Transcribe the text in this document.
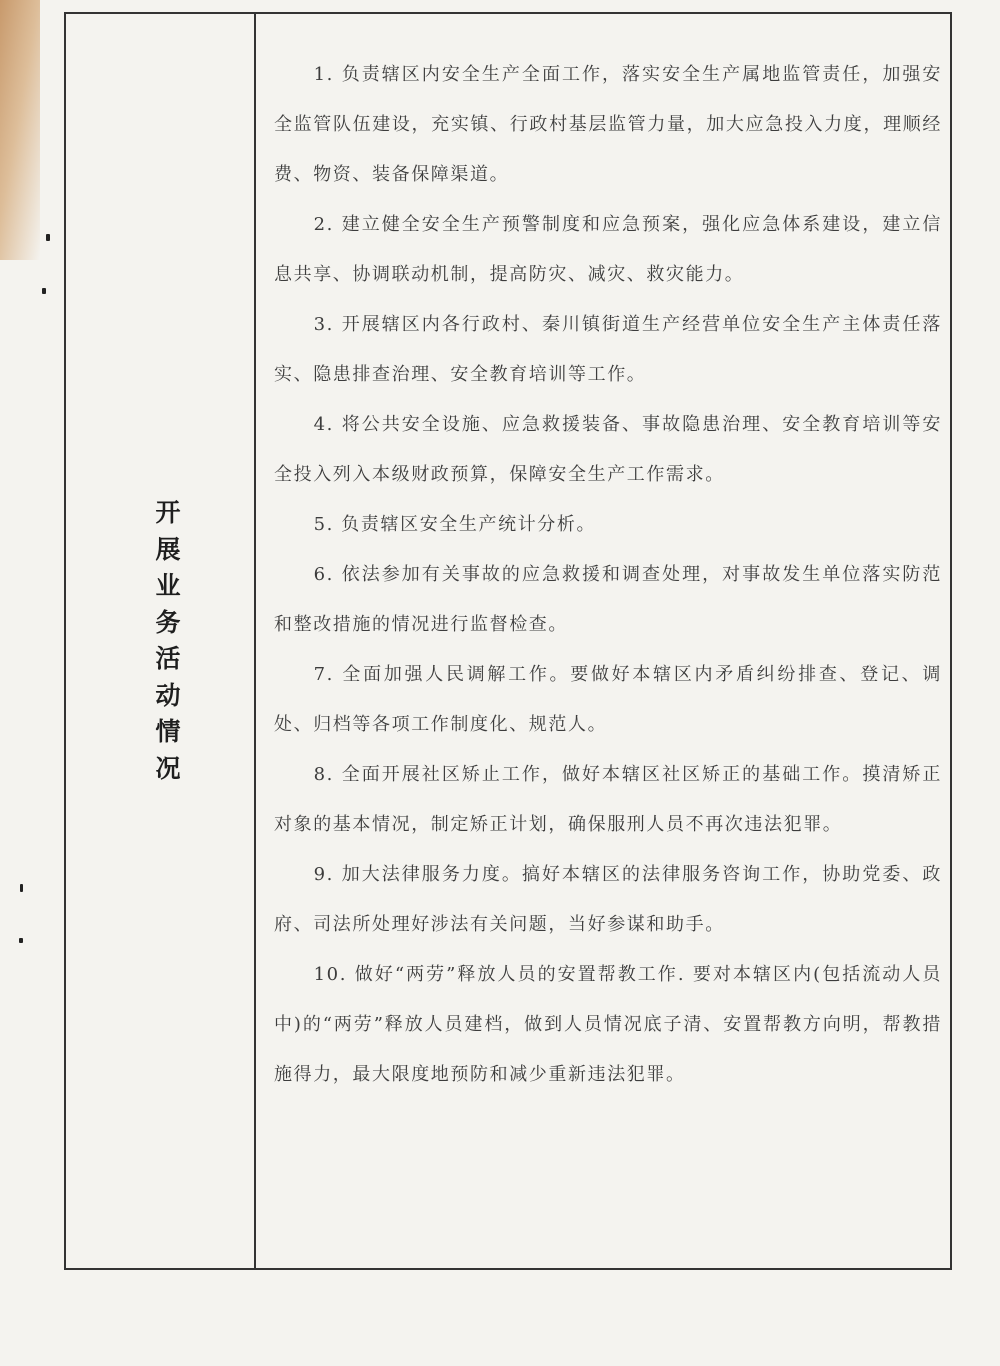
开
展
业
务
活
动
情
况

1. 负责辖区内安全生产全面工作，落实安全生产属地监管责任，加强安全监管队伍建设，充实镇、行政村基层监管力量，加大应急投入力度，理顺经费、物资、装备保障渠道。

2. 建立健全安全生产预警制度和应急预案，强化应急体系建设，建立信息共享、协调联动机制，提高防灾、减灾、救灾能力。

3. 开展辖区内各行政村、秦川镇街道生产经营单位安全生产主体责任落实、隐患排查治理、安全教育培训等工作。

4. 将公共安全设施、应急救援装备、事故隐患治理、安全教育培训等安全投入列入本级财政预算，保障安全生产工作需求。

5. 负责辖区安全生产统计分析。

6. 依法参加有关事故的应急救援和调查处理，对事故发生单位落实防范和整改措施的情况进行监督检查。

7. 全面加强人民调解工作。要做好本辖区内矛盾纠纷排查、登记、调处、归档等各项工作制度化、规范人。

8. 全面开展社区矫止工作，做好本辖区社区矫正的基础工作。摸清矫正对象的基本情况，制定矫正计划，确保服刑人员不再次违法犯罪。

9. 加大法律服务力度。搞好本辖区的法律服务咨询工作，协助党委、政府、司法所处理好涉法有关问题，当好参谋和助手。

10. 做好“两劳”释放人员的安置帮教工作. 要对本辖区内(包括流动人员中)的“两劳”释放人员建档，做到人员情况底子清、安置帮教方向明，帮教措施得力，最大限度地预防和减少重新违法犯罪。
